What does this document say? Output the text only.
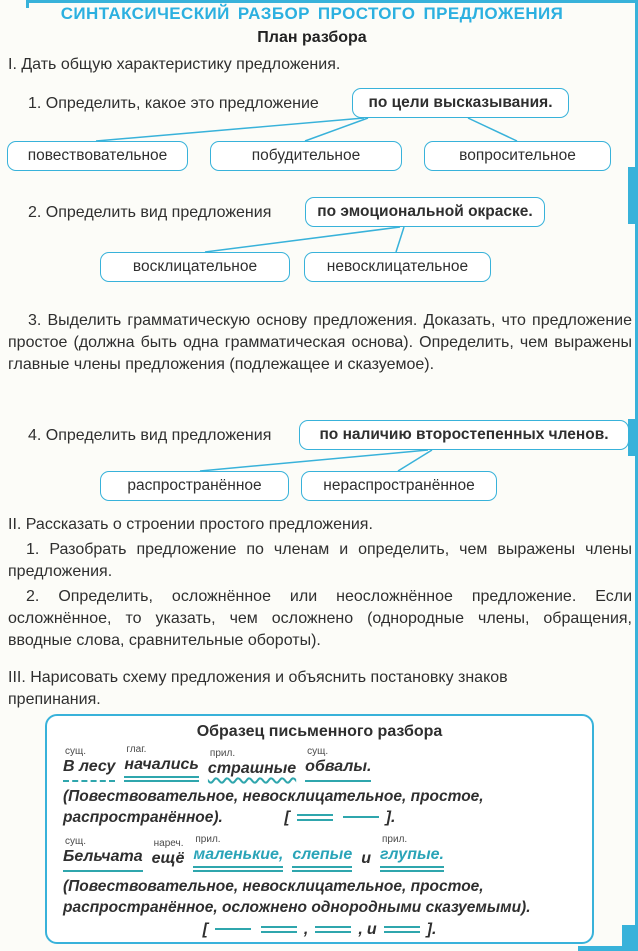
СИНТАКСИЧЕСКИЙ РАЗБОР ПРОСТОГО ПРЕДЛОЖЕНИЯ
План разбора
I. Дать общую характеристику предложения.
1. Определить, какое это предложение	по цели высказывания.
повествовательное	побудительное	вопросительное
2. Определить вид предложения	по эмоциональной окраске.
восклицательное	невосклицательное
3. Выделить грамматическую основу предложения. Доказать, что предложение простое (должна быть одна грамматическая основа). Определить, чем выражены главные члены предложения (подлежащее и сказуемое).
4. Определить вид предложения	по наличию второстепенных членов.
распространённое	нераспространённое
II. Рассказать о строении простого предложения.
1. Разобрать предложение по членам и определить, чем выражены члены предложения.
2. Определить, осложнённое или неосложнённое предложение. Если осложнённое, то указать, чем осложнено (однородные члены, обращения, вводные слова, сравнительные обороты).
III. Нарисовать схему предложения и объяснить постановку знаков препинания.
Образец письменного разбора
сущ.
В лесу
глаг.
начались
прил.
страшные
сущ.
обвалы.
(Повествовательное, невосклицательное, простое, распространённое).	[	].
сущ.
Бельчата
нареч.
ещё
прил.
маленькие,
слепые
и
прил.
глупые.
(Повествовательное, невосклицательное, простое, распространённое, осложнено однородными сказуемыми).
[	,	, и	].
